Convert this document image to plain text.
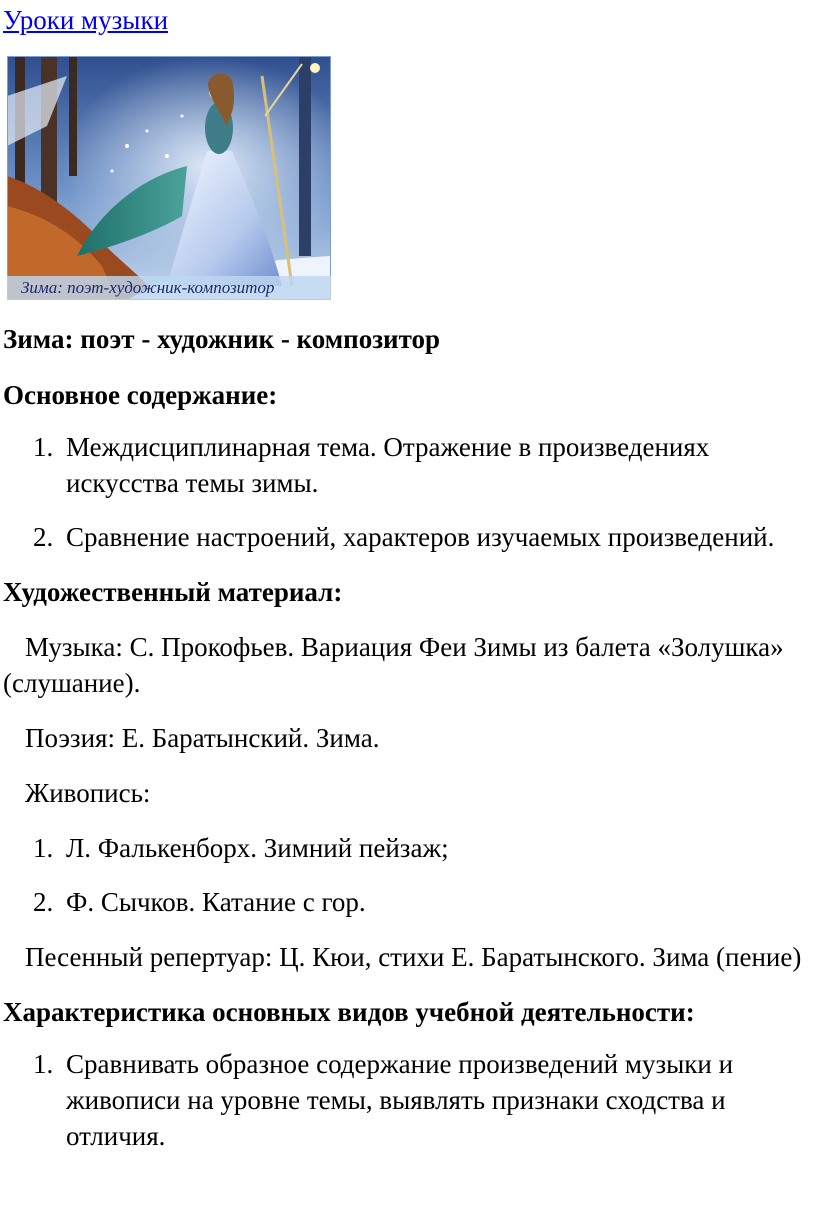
Уроки музыки
Зима: поэт-художник-композитор
Зима: поэт - художник - композитор
Основное содержание:
1. Междисциплинарная тема. Отражение в произведениях искусства темы зимы.
2. Сравнение настроений, характеров изучаемых произведений.
Художественный материал:

Музыка: С. Прокофьев. Вариация Феи Зимы из балета «Золушка» (слушание).

Поэзия: Е. Баратынский. Зима.

Живопись:

1. Л. Фалькенборх. Зимний пейзаж;
2. Ф. Сычков. Катание с гор.

Песенный репертуар: Ц. Кюи, стихи Е. Баратынского. Зима (пение)

Характеристика основных видов учебной деятельности:
1. Сравнивать образное содержание произведений музыки и живописи на уровне темы, выявлять признаки сходства и отличия.
